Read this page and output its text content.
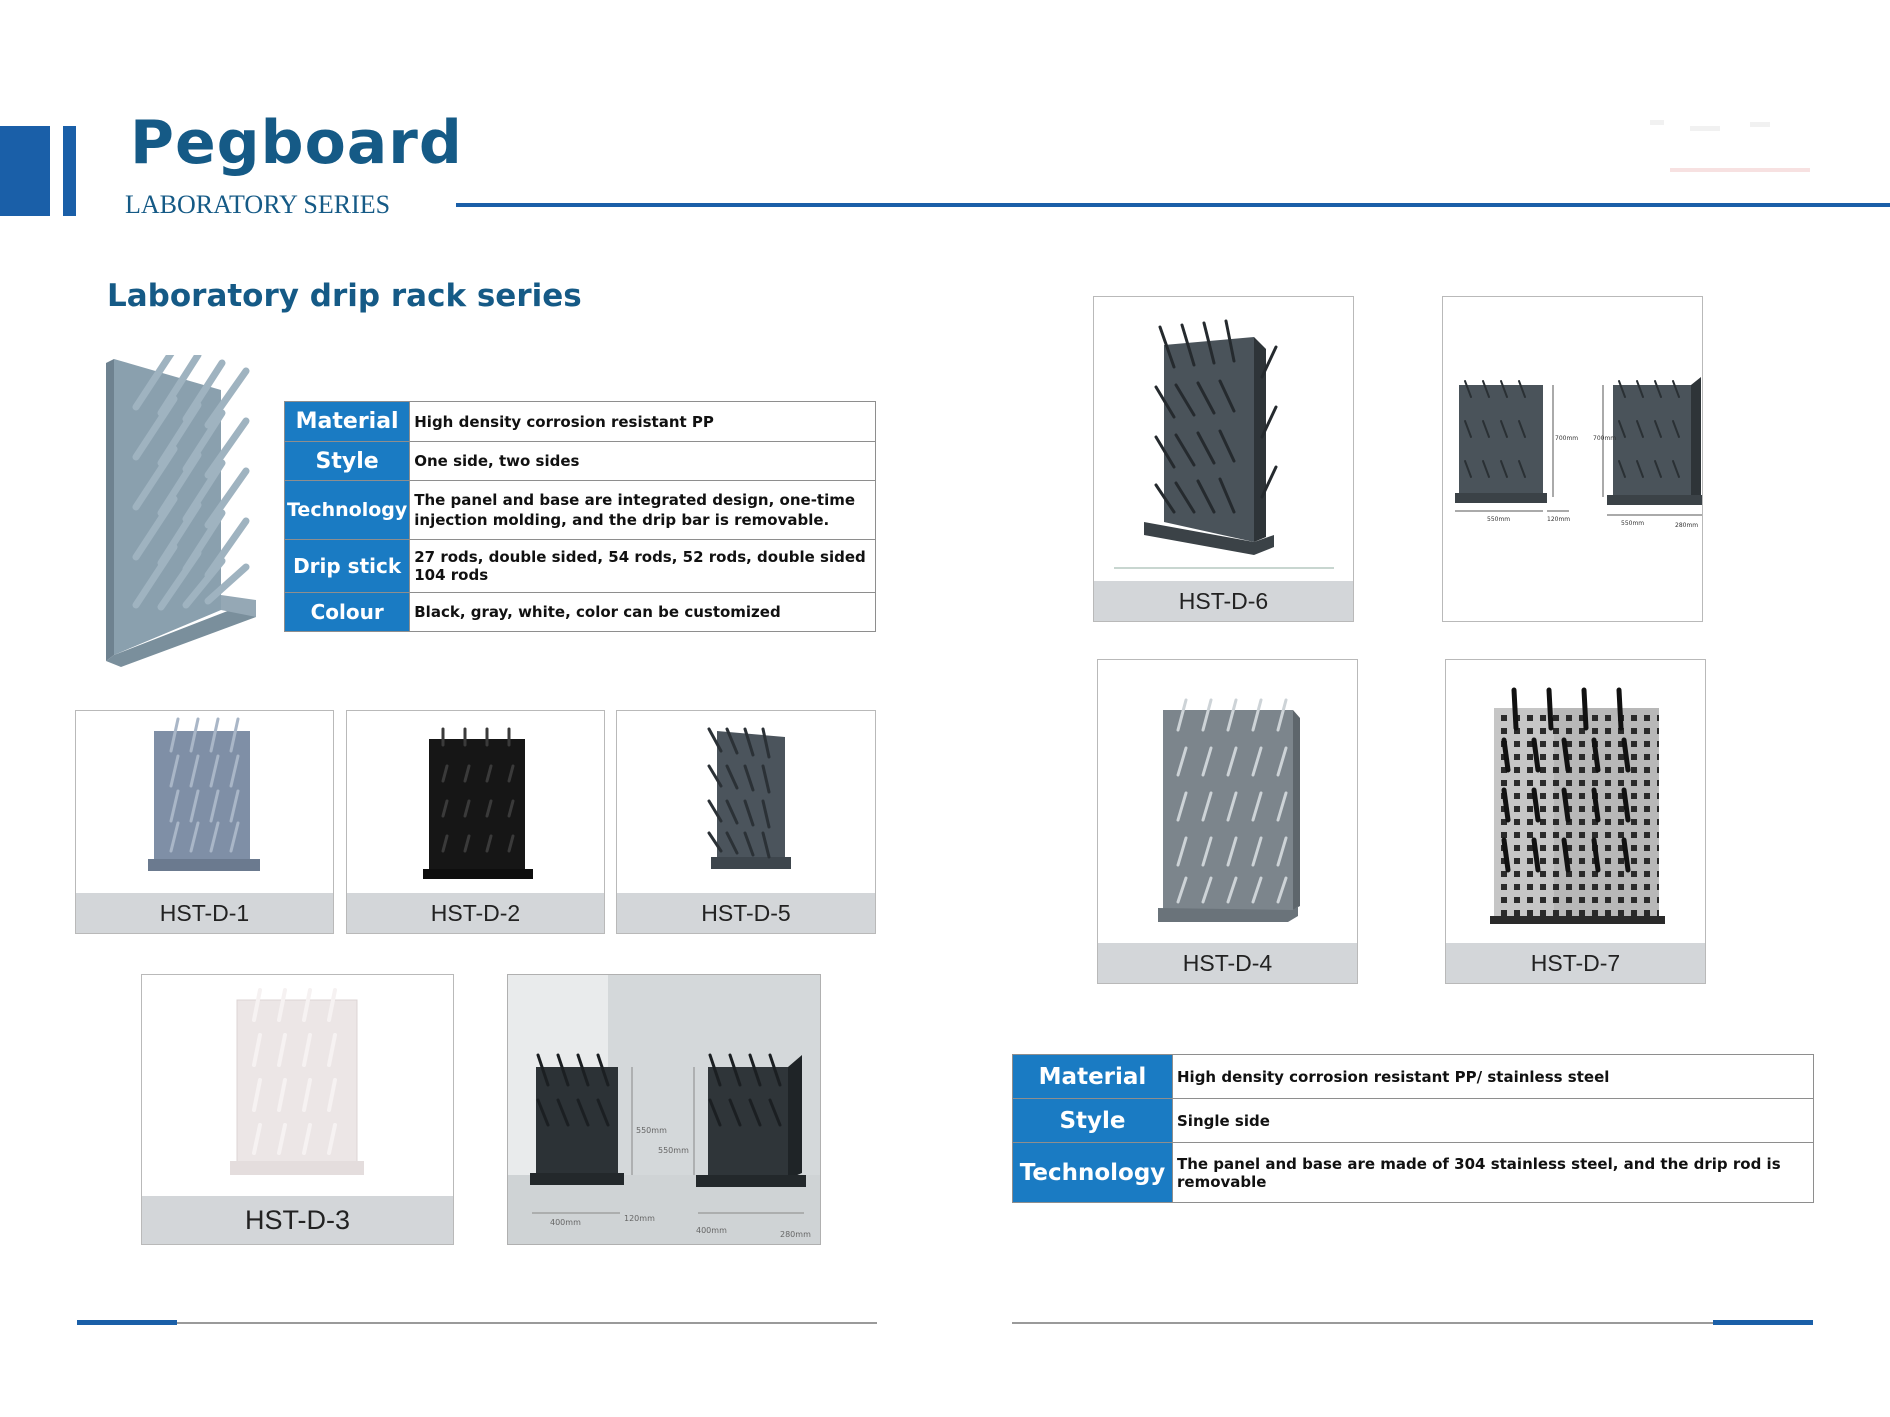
Pegboard
LABORATORY SERIES
Laboratory drip rack series
Material	High density corrosion resistant PP
Style	One side, two sides
Technology	The panel and base are integrated design, one-time injection molding, and the drip bar is removable.
Drip stick	27 rods, double sided, 54 rods, 52 rods, double sided 104 rods
Colour	Black, gray, white, color can be customized
HST-D-1	HST-D-2	HST-D-5
HST-D-3
550mm
550mm
400mm	120mm
400mm	280mm
HST-D-6
700mm 700mm
550mm	120mm
550mm	280mm
HST-D-4	HST-D-7
Material	High density corrosion resistant PP/ stainless steel
Style	Single side
Technology	The panel and base are made of 304 stainless steel, and the drip rod is removable
